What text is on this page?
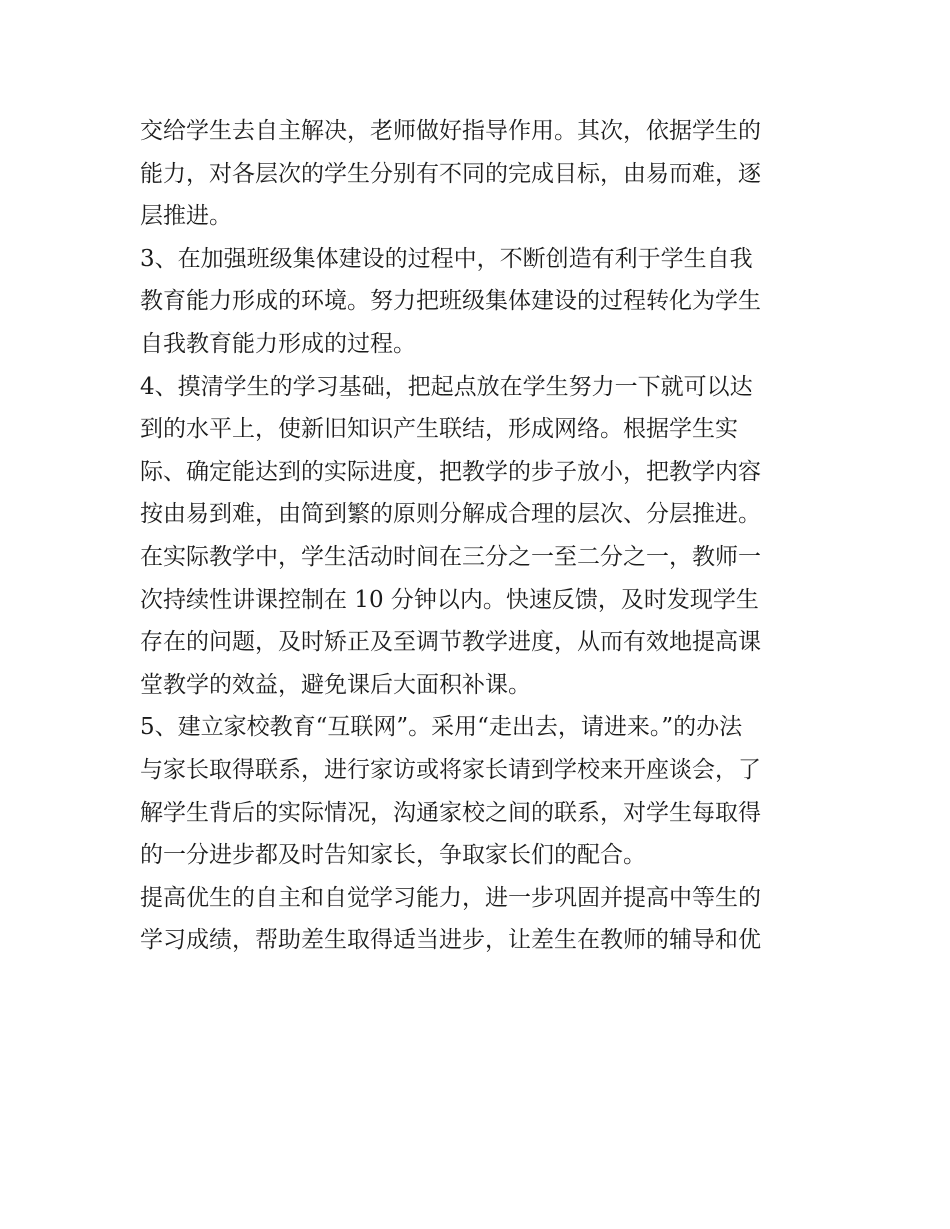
交给学生去自主解决，老师做好指导作用。其次，依据学生的
能力，对各层次的学生分别有不同的完成目标，由易而难，逐
层推进。
3、在加强班级集体建设的过程中，不断创造有利于学生自我
教育能力形成的环境。努力把班级集体建设的过程转化为学生
自我教育能力形成的过程。
4、摸清学生的学习基础，把起点放在学生努力一下就可以达
到的水平上，使新旧知识产生联结，形成网络。根据学生实
际、确定能达到的实际进度，把教学的步子放小，把教学内容
按由易到难，由简到繁的原则分解成合理的层次、分层推进。
在实际教学中，学生活动时间在三分之一至二分之一，教师一
次持续性讲课控制在 10 分钟以内。快速反馈，及时发现学生
存在的问题，及时矫正及至调节教学进度，从而有效地提高课
堂教学的效益，避免课后大面积补课。
5、建立家校教育“互联网”。采用“走出去，请进来。”的办法
与家长取得联系，进行家访或将家长请到学校来开座谈会，了
解学生背后的实际情况，沟通家校之间的联系，对学生每取得
的一分进步都及时告知家长，争取家长们的配合。
提高优生的自主和自觉学习能力，进一步巩固并提高中等生的
学习成绩，帮助差生取得适当进步，让差生在教师的辅导和优
